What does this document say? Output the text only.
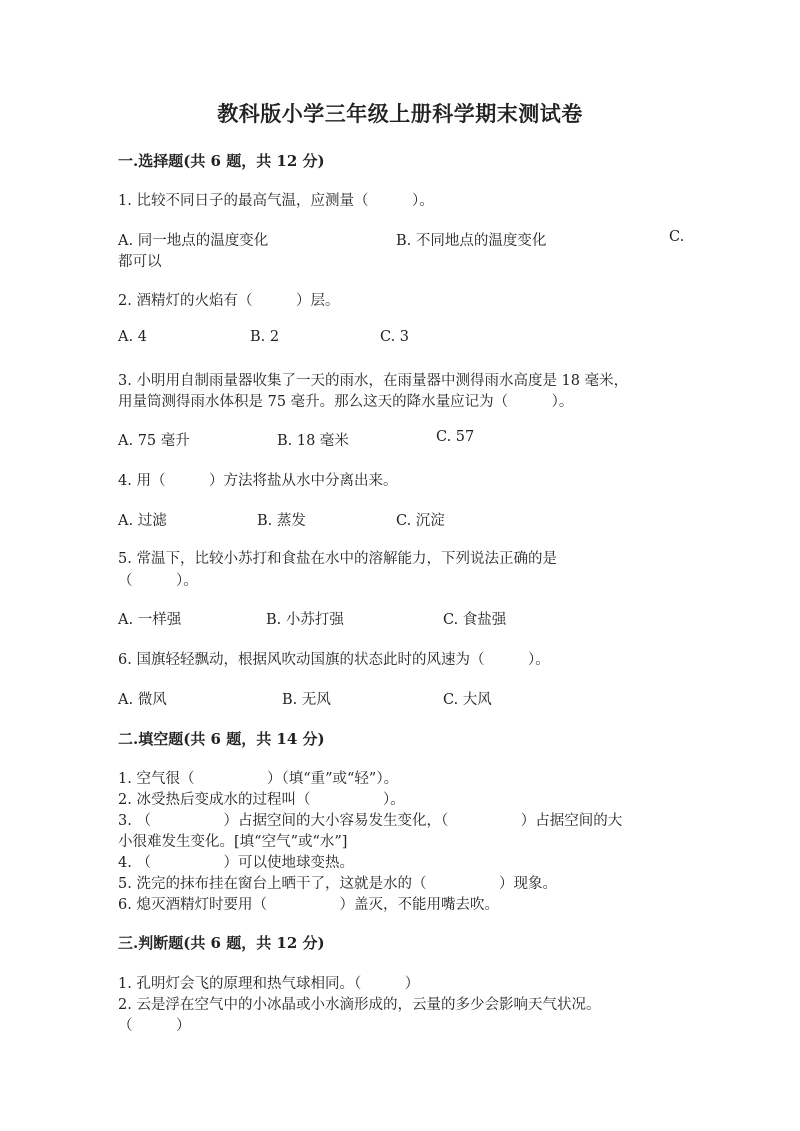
教科版小学三年级上册科学期末测试卷
一.选择题(共 6 题，共 12 分)
1. 比较不同日子的最高气温，应测量（　　　）。
A. 同一地点的温度变化	B. 不同地点的温度变化	C.
都可以
2. 酒精灯的火焰有（　　　）层。
A. 4	B. 2	C. 3
3. 小明用自制雨量器收集了一天的雨水，在雨量器中测得雨水高度是 18 毫米，
用量筒测得雨水体积是 75 毫升。那么这天的降水量应记为（　　　）。
A. 75 毫升	B. 18 毫米	C. 57
4. 用（　　　）方法将盐从水中分离出来。
A. 过滤	B. 蒸发	C. 沉淀
5. 常温下，比较小苏打和食盐在水中的溶解能力，下列说法正确的是
（　　　）。
A. 一样强	B. 小苏打强	C. 食盐强
6. 国旗轻轻飘动，根据风吹动国旗的状态此时的风速为（　　　）。
A. 微风	B. 无风	C. 大风
二.填空题(共 6 题，共 14 分)
1. 空气很（　　　　　）（填“重”或“轻”）。
2. 冰受热后变成水的过程叫（　　　　　）。
3. （　　　　　）占据空间的大小容易发生变化，（　　　　　）占据空间的大
小很难发生变化。[填“空气”或“水”]
4. （　　　　　）可以使地球变热。
5. 洗完的抹布挂在窗台上晒干了，这就是水的（　　　　　）现象。
6. 熄灭酒精灯时要用（　　　　　）盖灭，不能用嘴去吹。
三.判断题(共 6 题，共 12 分)
1. 孔明灯会飞的原理和热气球相同。（　　　）
2. 云是浮在空气中的小冰晶或小水滴形成的，云量的多少会影响天气状况。
（　　　）
